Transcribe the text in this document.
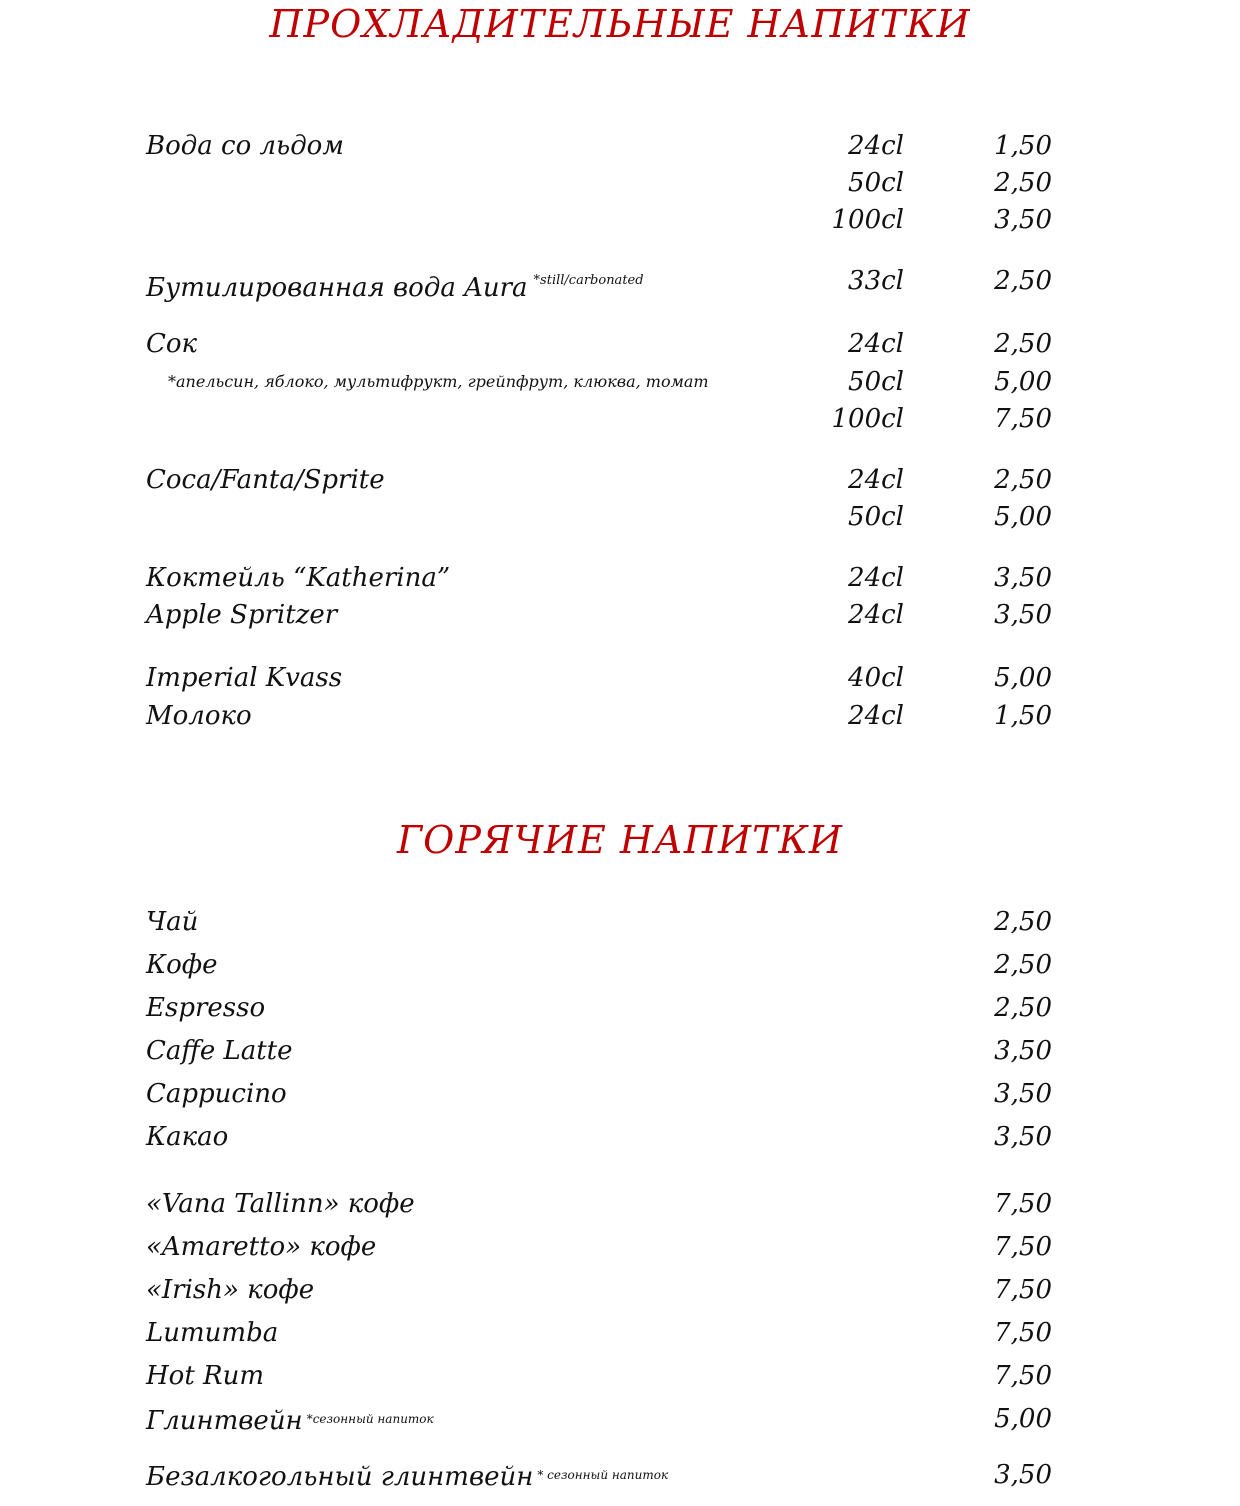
ПРОХЛАДИТЕЛЬНЫЕ НАПИТКИ
Вода со льдом	24cl	1,50
50cl	2,50
100cl	3,50
Бутилированная вода Aura $^{*still/carbonated}$	33cl	2,50
Сок	24cl	2,50
*апельсин, яблоко, мультифрукт, грейпфрут, клюква, томат	50cl	5,00
100cl	7,50
Coca/Fanta/Sprite	24cl	2,50
50cl	5,00
Коктейль “Katherina”	24cl	3,50
Apple Spritzer	24cl	3,50
Imperial Kvass	40cl	5,00
Молоко	24cl	1,50
ГОРЯЧИЕ НАПИТКИ
Чай	2,50
Кофе	2,50
Espresso	2,50
Caffe Latte	3,50
Cappucino	3,50
Какао	3,50
«Vana Tallinn» кофе	7,50
«Amaretto» кофе	7,50
«Irish» кофе	7,50
Lumumba	7,50
Hot Rum	7,50
Глинтвейн $^{*сезонный напиток}$	5,00
Безалкогольный глинтвейн $^{* сезонный напиток}$	3,50
